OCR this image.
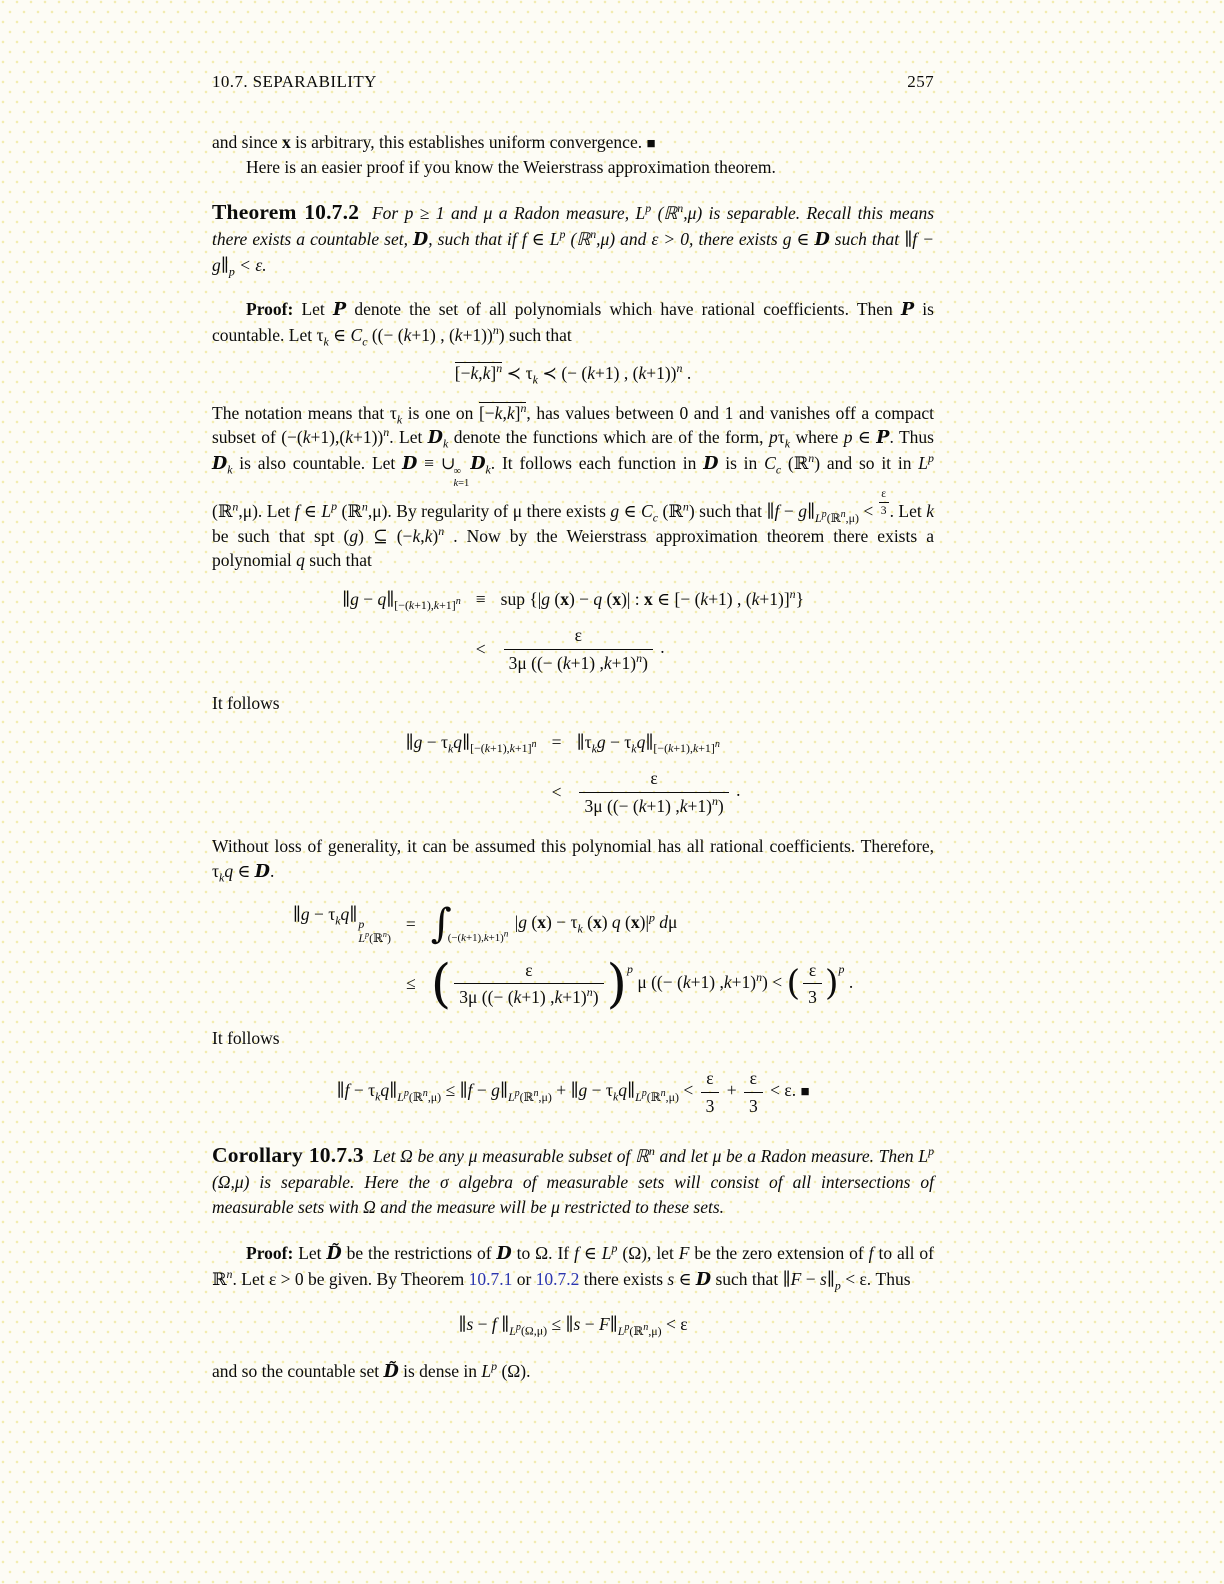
10.7. SEPARABILITY	257

and since x is arbitrary, this establishes uniform convergence. ■

Here is an easier proof if you know the Weierstrass approximation theorem.

Theorem 10.7.2 For p ≥ 1 and μ a Radon measure, $L^p$ (ℝ$^n$,μ) is separable. Recall this means there exists a countable set, D, such that if f ∈ $L^p$ (ℝ$^n$,μ) and ε > 0, there exists g ∈ D such that ∥f − $g\parallel_p < \varepsilon$.

Proof: Let P denote the set of all polynomials which have rational coefficients. Then P is countable. Let $\tau_k$ ∈ $C_c$ ((− (k+1) , (k+1))$^n$) such that

$[-k,k]^n$ ≺ $\tau_k$ ≺ (− (k+1) , (k+1))$^n$ .

The notation means that $\tau_k$ is one on $[-k,k]^n$, has values between 0 and 1 and vanishes off a compact subset of $(-(k+1),(k+1))^n$. Let $D_k$ denote the functions which are of the form, $p\tau_k$ where p ∈ P. Thus $D_k$ is also countable. Let D ≡ ∪
∞
k=1
$D_k$. It follows each function in D is in $C_c$ (ℝ$^n$) and so it in $L^p$ (ℝ$^n$,μ). Let f ∈ $L^p$ (ℝ$^n$,μ). By regularity of μ there exists g ∈ $C_c$ (ℝ$^n$) such that ∥f − $g\parallel_{L^p(ℝ^n,\mu)} < \frac{\varepsilon}{3}$ . Let k be such that spt (g) ⊆ $(-k,k)^n$ . Now by the Weierstrass approximation theorem there exists a polynomial q such that

∥g − $q\parallel_{[-(k+1),k+1]^n}$ ≡ sup {|g (x) − q (x)| : x ∈ [− (k+1) , (k+1)]$^n$}
< $\frac{\varepsilon}{3\mu ((- (k+1) ,k+1)^n)}$ .

It follows

∥g − $\tau_kq\parallel_{[-(k+1),k+1]^n}$ = $\parallel\tau_kg$ − $\tau_kq\parallel_{[-(k+1),k+1]^n}$
< $\frac{\varepsilon}{3\mu ((- (k+1) ,k+1)^n)}$ .

Without loss of generality, it can be assumed this polynomial has all rational coefficients. Therefore, $\tau_kq$ ∈ D.

∥g − $\tau_kq\parallel$ p
$L^p(ℝ^n)$
= $\int_{(-(k+1),k+1)^n}$ |g $(x) - \tau_k$ (x) q $(x)|^p$ dμ
≤ ( $\frac{\varepsilon}{3\mu ((- (k+1) ,k+1)^n)} )^p$ μ ((− (k+1) ,k+1)$^n$) < ( $\frac{\varepsilon}{3} )^p$ .

It follows

∥f − $\tau_kq\parallel_{L^p(ℝ^n,\mu)}$ ≤ ∥f − $g\parallel_{L^p(ℝ^n,\mu)}$ + ∥g − $\tau_kq\parallel_{L^p(ℝ^n,\mu)} < \frac{\varepsilon}{3} + \frac{\varepsilon}{3} < \varepsilon$. ■

Corollary 10.7.3 Let Ω be any μ measurable subset of ℝ$^n$ and let μ be a Radon measure. Then $L^p$ (Ω,μ) is separable. Here the σ algebra of measurable sets will consist of all intersections of measurable sets with Ω and the measure will be μ restricted to these sets.

Proof: Let D̃ be the restrictions of D to Ω. If f ∈ $L^p$ (Ω), let F be the zero extension of f to all of ℝ$^n$. Let ε > 0 be given. By Theorem 10.7.1 or 10.7.2 there exists s ∈ D such that ∥F − $s\parallel_p < \varepsilon$. Thus

∥s − f $\parallel_{L^p(\Omega,\mu)}$ ≤ ∥s − $F\parallel_{L^p(ℝ^n,\mu)} < \varepsilon$

and so the countable set D̃ is dense in $L^p$ (Ω).
